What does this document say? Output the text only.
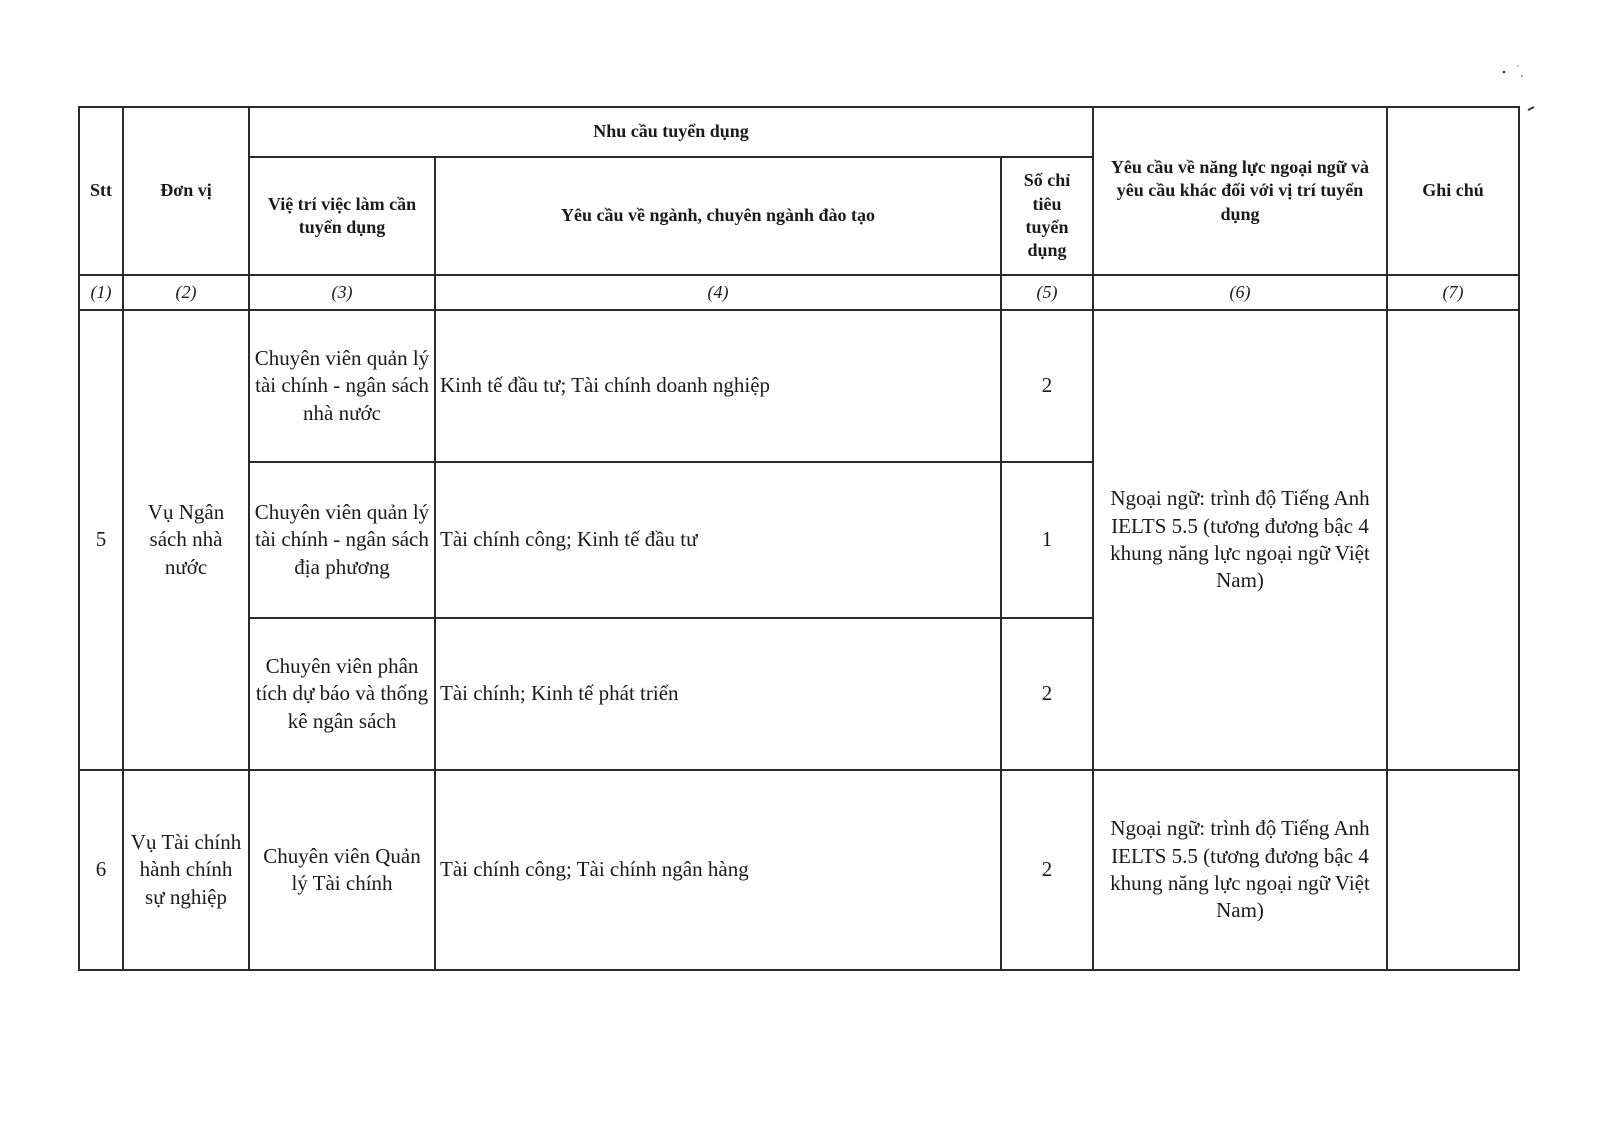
Stt	Đơn vị	Nhu cầu tuyển dụng			Yêu cầu về năng lực ngoại ngữ và yêu cầu khác đối với vị trí tuyển dụng	Ghi chú
		Việ trí việc làm cần tuyển dụng	Yêu cầu về ngành, chuyên ngành đào tạo	Số chỉ tiêu tuyển dụng		
(1)	(2)	(3)	(4)	(5)	(6)	(7)
5	Vụ Ngân sách nhà nước	Chuyên viên quản lý tài chính - ngân sách nhà nước	Kinh tế đầu tư; Tài chính doanh nghiệp	2	Ngoại ngữ: trình độ Tiếng Anh IELTS 5.5 (tương đương bậc 4 khung năng lực ngoại ngữ Việt Nam)	
		Chuyên viên quản lý tài chính - ngân sách địa phương	Tài chính công; Kinh tế đầu tư	1		
		Chuyên viên phân tích dự báo và thống kê ngân sách	Tài chính; Kinh tế phát triển	2		
6	Vụ Tài chính hành chính sự nghiệp	Chuyên viên Quản lý Tài chính	Tài chính công; Tài chính ngân hàng	2	Ngoại ngữ: trình độ Tiếng Anh IELTS 5.5 (tương đương bậc 4 khung năng lực ngoại ngữ Việt Nam)	
